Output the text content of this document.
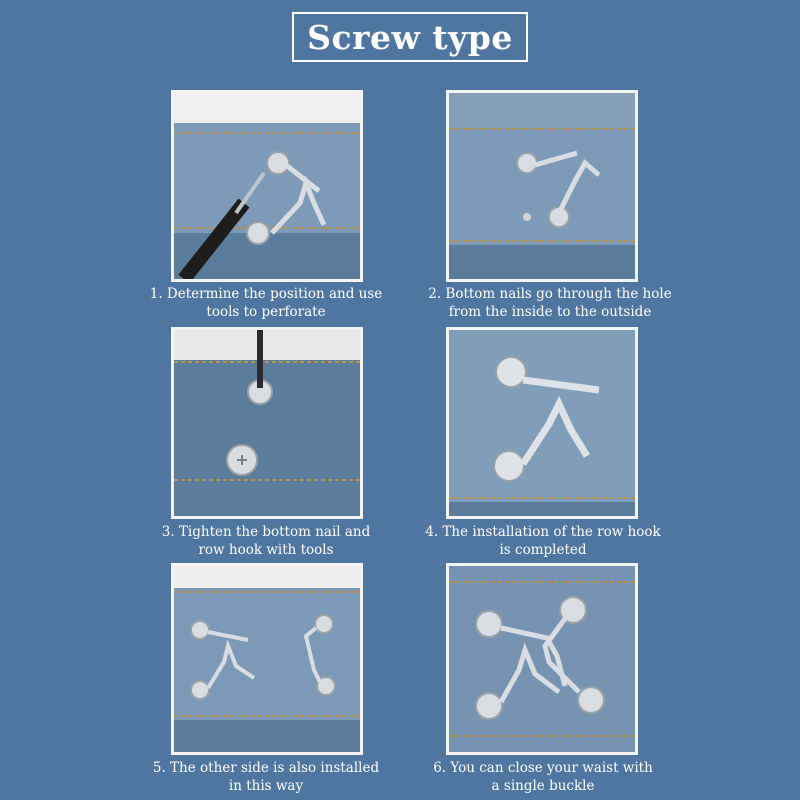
Screw type
1. Determine the position and use
tools to perforate
2. Bottom nails go through the hole
from the inside to the outside
3. Tighten the bottom nail and
row hook with tools
4. The installation of the row hook
is completed
5. The other side is also installed
in this way
6. You can close your waist with
a single buckle
